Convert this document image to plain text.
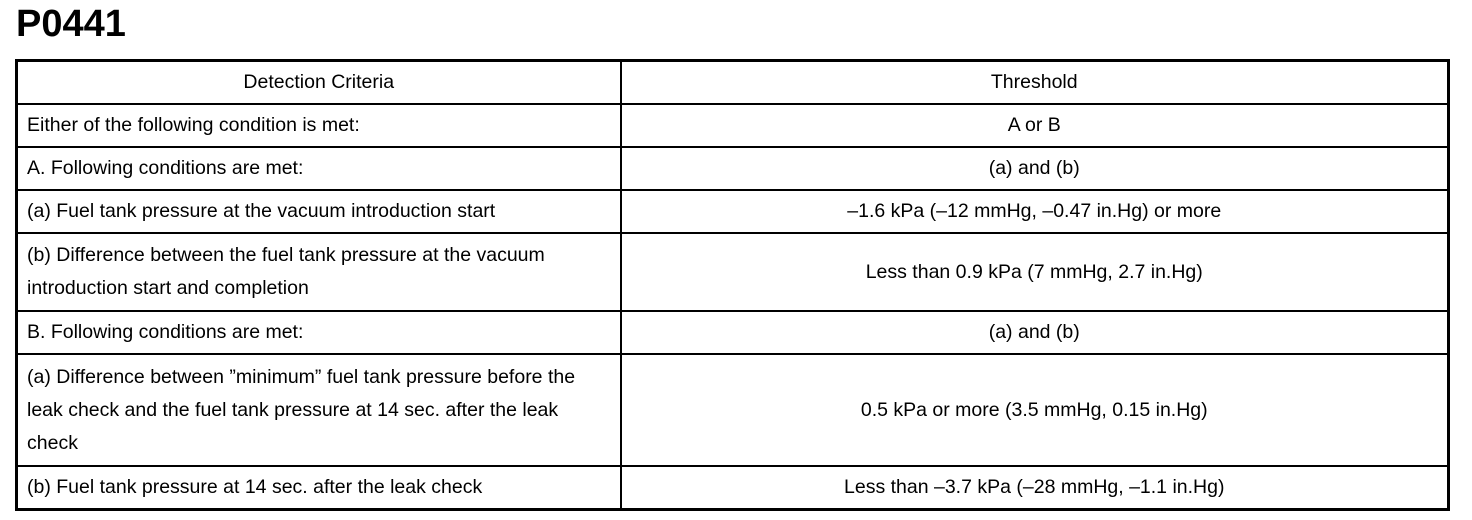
P0441
Detection Criteria	Threshold
Either of the following condition is met:	A or B
A. Following conditions are met:	(a) and (b)
(a) Fuel tank pressure at the vacuum introduction start	–1.6 kPa (–12 mmHg, –0.47 in.Hg) or more
(b) Difference between the fuel tank pressure at the vacuum introduction start and completion	Less than 0.9 kPa (7 mmHg, 2.7 in.Hg)
B. Following conditions are met:	(a) and (b)
(a) Difference between ”minimum” fuel tank pressure before the leak check and the fuel tank pressure at 14 sec. after the leak check	0.5 kPa or more (3.5 mmHg, 0.15 in.Hg)
(b) Fuel tank pressure at 14 sec. after the leak check	Less than –3.7 kPa (–28 mmHg, –1.1 in.Hg)
